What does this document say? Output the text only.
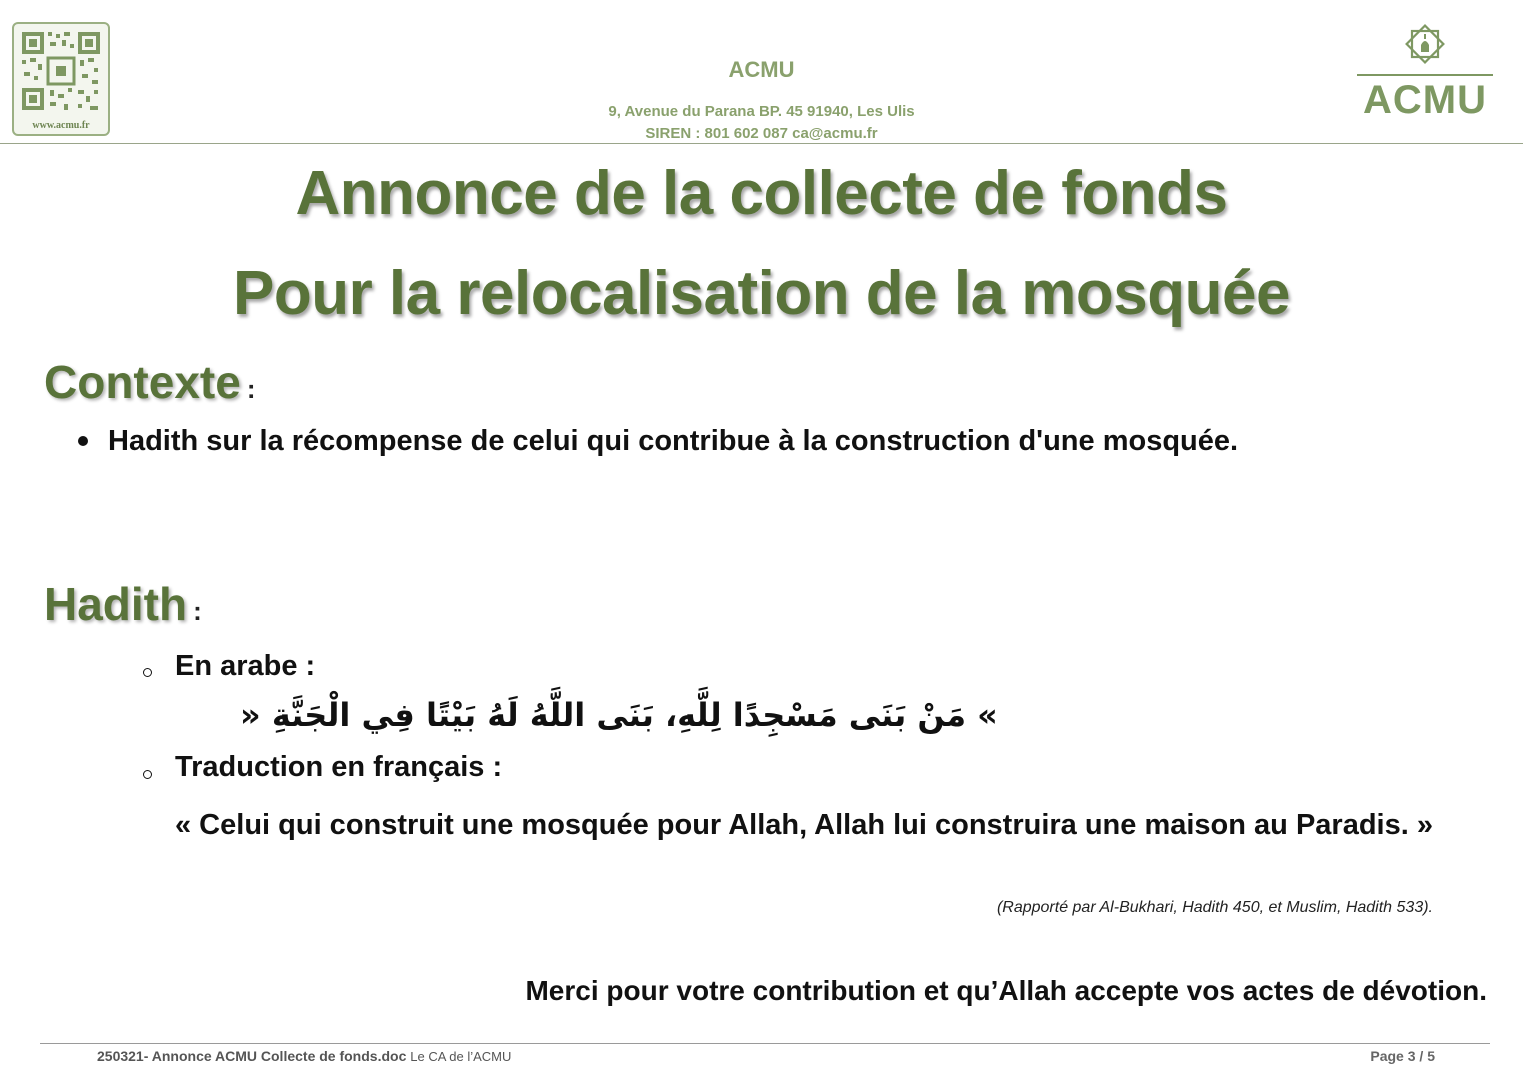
www.acmu.fr
ACMU
9, Avenue du Parana BP. 45 91940, Les Ulis
SIREN : 801 602 087 ca@acmu.fr
ACMU
Annonce de la collecte de fonds
Pour la relocalisation de la mosquée
Contexte :
Hadith sur la récompense de celui qui contribue à la construction d'une mosquée.
Hadith :
En arabe :
» مَنْ بَنَى مَسْجِدًا لِلَّهِ، بَنَى اللَّهُ لَهُ بَيْتًا فِي الْجَنَّةِ «
Traduction en français :
« Celui qui construit une mosquée pour Allah, Allah lui construira une maison au Paradis. »
(Rapporté par Al-Bukhari, Hadith 450, et Muslim, Hadith 533).
Merci pour votre contribution et qu’Allah accepte vos actes de dévotion.
250321- Annonce ACMU Collecte de fonds.doc Le CA de l’ACMU	Page 3 / 5
